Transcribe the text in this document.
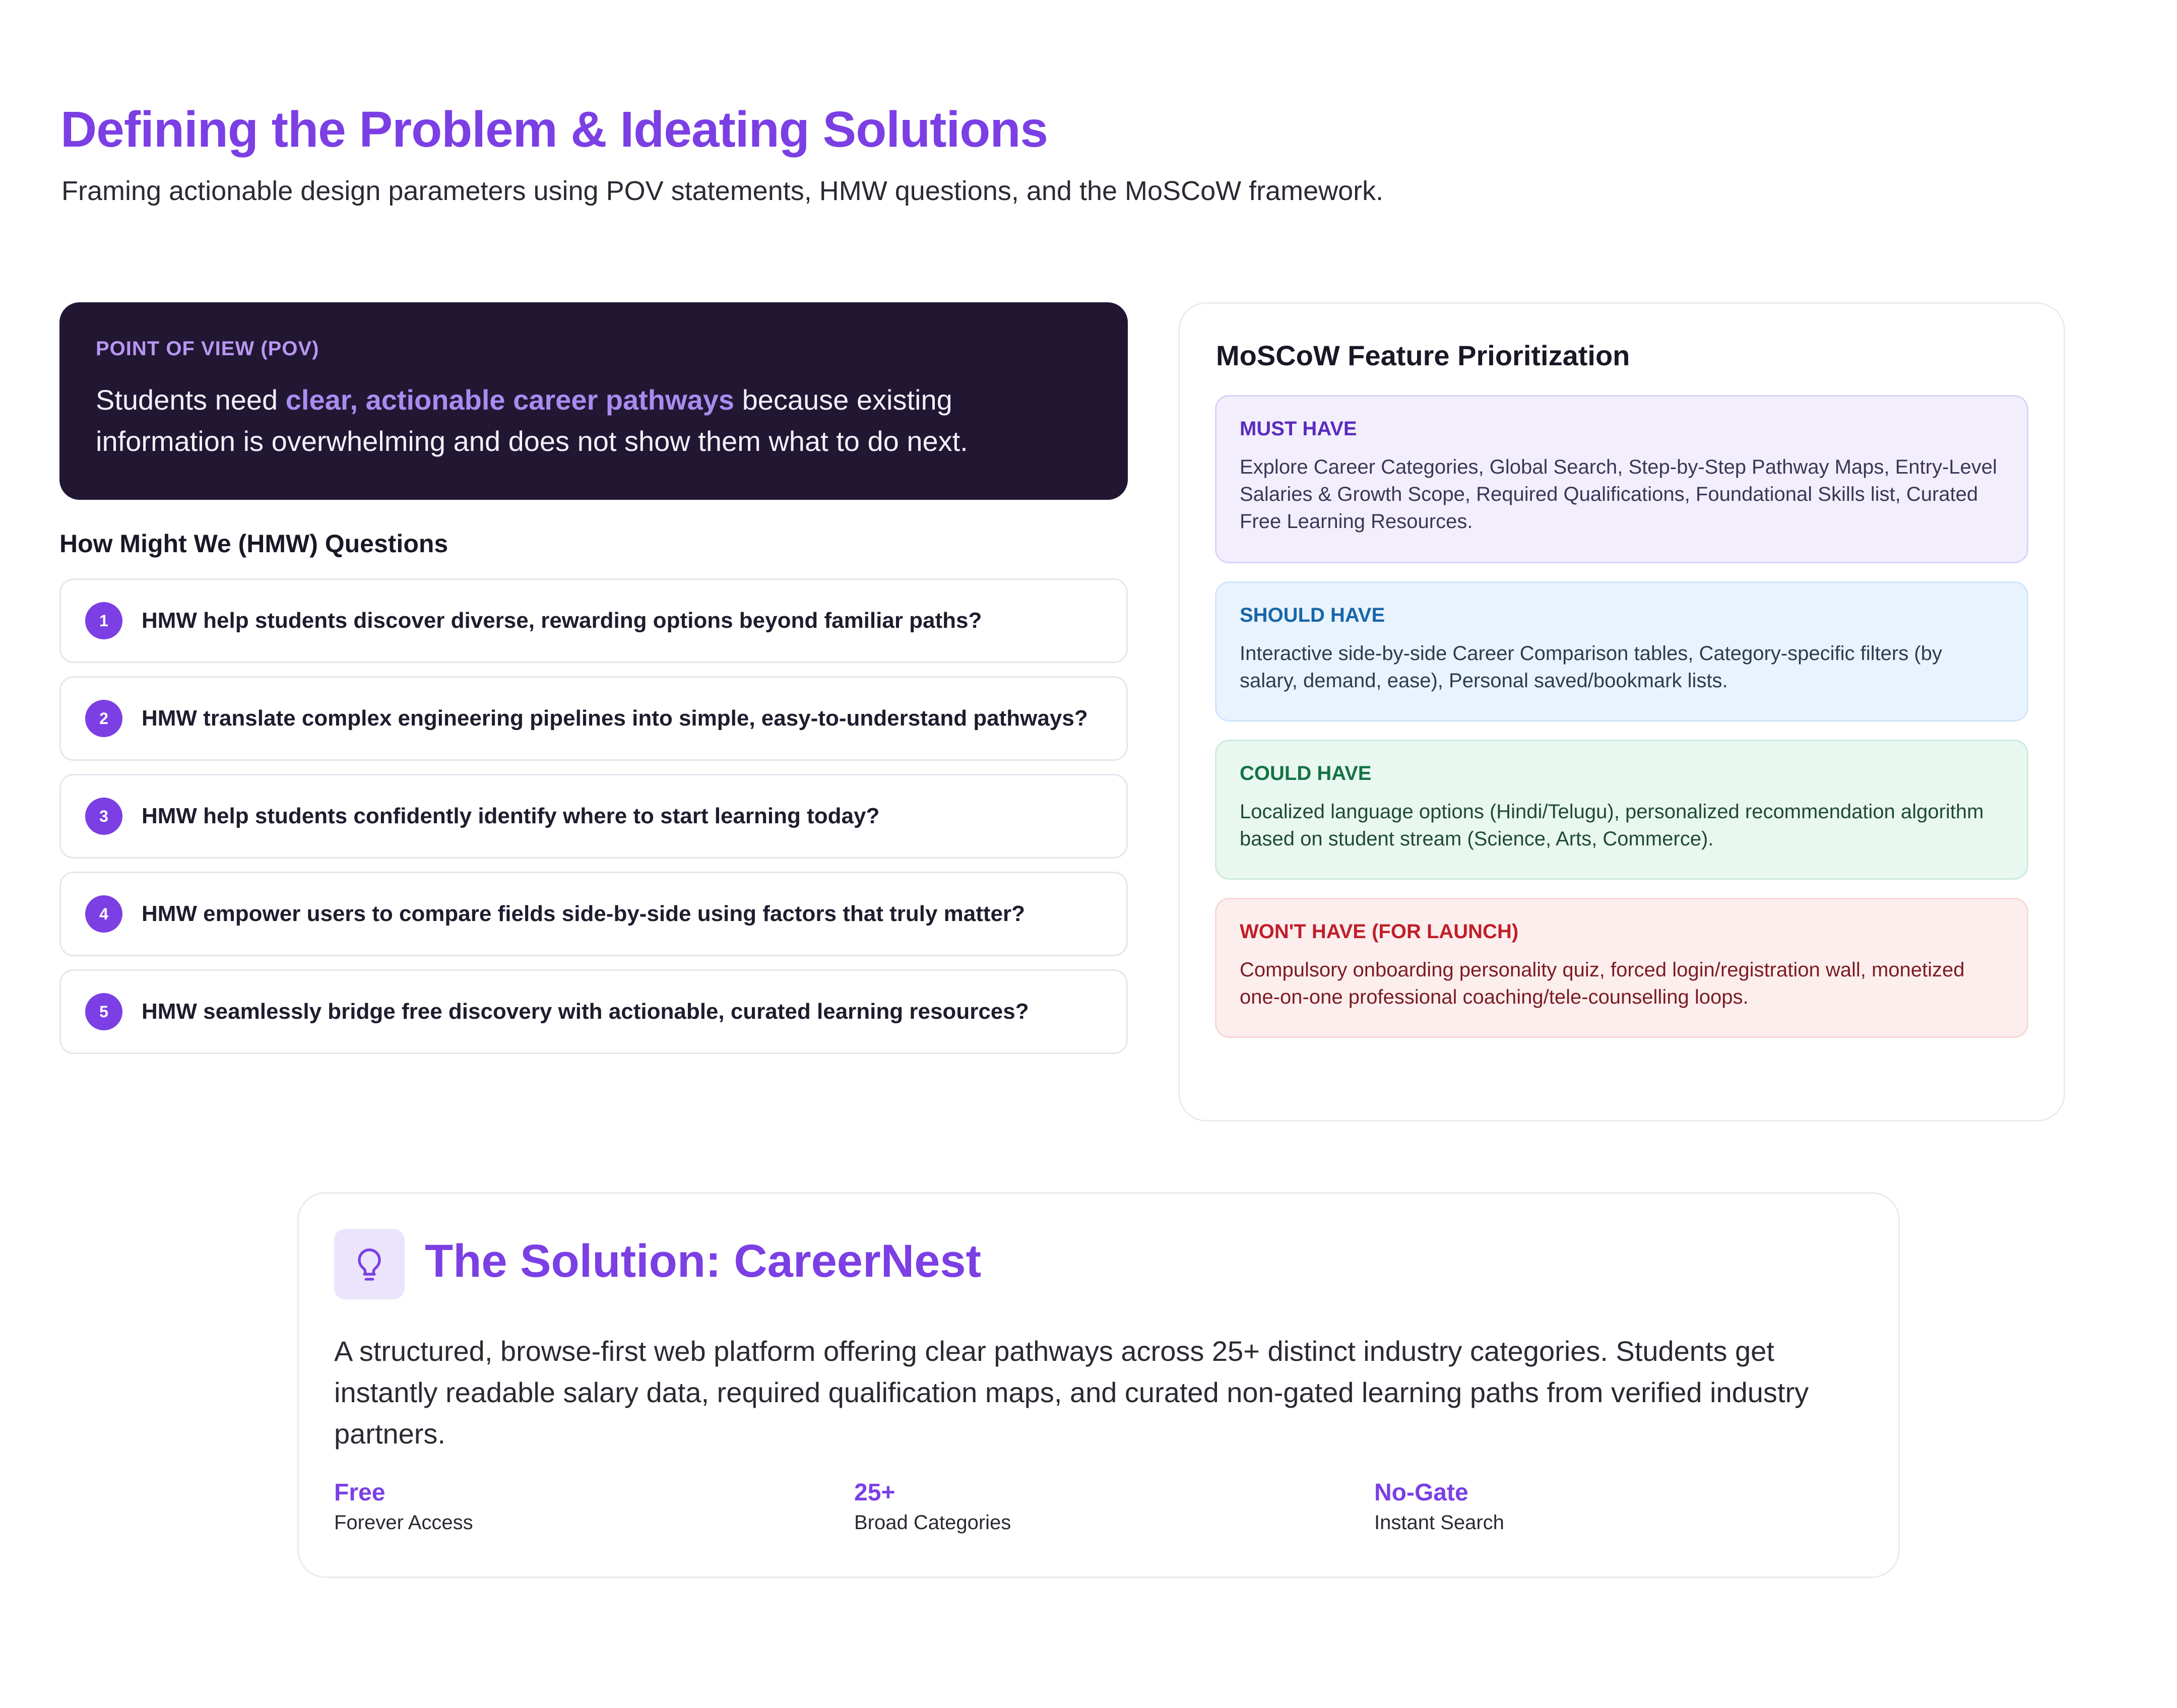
Defining the Problem & Ideating Solutions

Framing actionable design parameters using POV statements, HMW questions, and the MoSCoW framework.

POINT OF VIEW (POV)
Students need clear, actionable career pathways because existing information is overwhelming and does not show them what to do next.
How Might We (HMW) Questions
1	HMW help students discover diverse, rewarding options beyond familiar paths?
2	HMW translate complex engineering pipelines into simple, easy-to-understand pathways?
3	HMW help students confidently identify where to start learning today?
4	HMW empower users to compare fields side-by-side using factors that truly matter?
5	HMW seamlessly bridge free discovery with actionable, curated learning resources?
MoSCoW Feature Prioritization
MUST HAVE
Explore Career Categories, Global Search, Step-by-Step Pathway Maps, Entry-Level Salaries & Growth Scope, Required Qualifications, Foundational Skills list, Curated Free Learning Resources.
SHOULD HAVE
Interactive side-by-side Career Comparison tables, Category-specific filters (by salary, demand, ease), Personal saved/bookmark lists.
COULD HAVE
Localized language options (Hindi/Telugu), personalized recommendation algorithm based on student stream (Science, Arts, Commerce).
WON'T HAVE (FOR LAUNCH)
Compulsory onboarding personality quiz, forced login/registration wall, monetized one-on-one professional coaching/tele-counselling loops.
The Solution: CareerNest

A structured, browse-first web platform offering clear pathways across 25+ distinct industry categories. Students get instantly readable salary data, required qualification maps, and curated non-gated learning paths from verified industry partners.

Free
Forever Access
25+
Broad Categories
No-Gate
Instant Search
